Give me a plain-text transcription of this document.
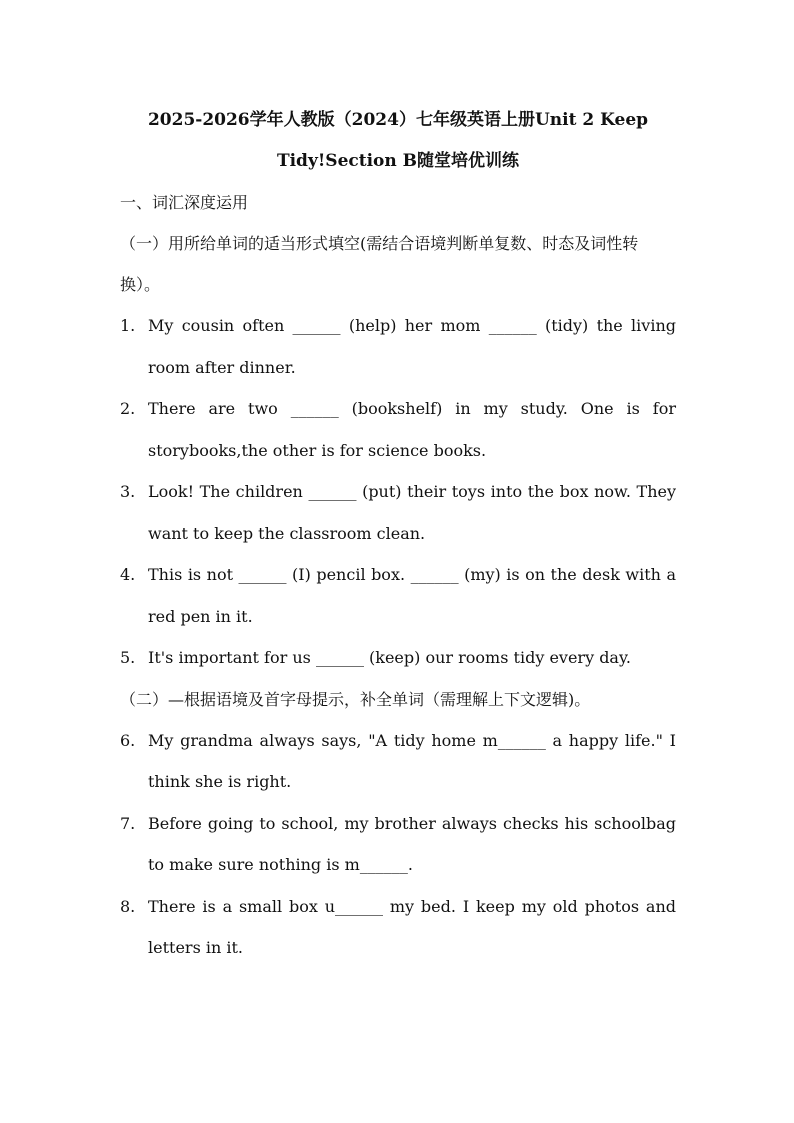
2025-2026学年人教版（2024）七年级英语上册Unit 2 Keep
Tidy!Section B随堂培优训练

一、词汇深度运用

（一）用所给单词的适当形式填空(需结合语境判断单复数、时态及词性转换）。

1. My cousin often ______ (help) her mom ______ (tidy) the living room after dinner.

2. There are two ______ (bookshelf) in my study. One is for storybooks,the other is for science books.

3. Look! The children ______ (put) their toys into the box now. They want to keep the classroom clean.

4. This is not ______ (I) pencil box. ______ (my) is on the desk with a red pen in it.

5. It's important for us ______ (keep) our rooms tidy every day.

（二）—根据语境及首字母提示，补全单词（需理解上下文逻辑)。

6. My grandma always says, "A tidy home m______ a happy life." I think she is right.

7. Before going to school, my brother always checks his schoolbag to make sure nothing is m______.

8. There is a small box u______ my bed. I keep my old photos and letters in it.
